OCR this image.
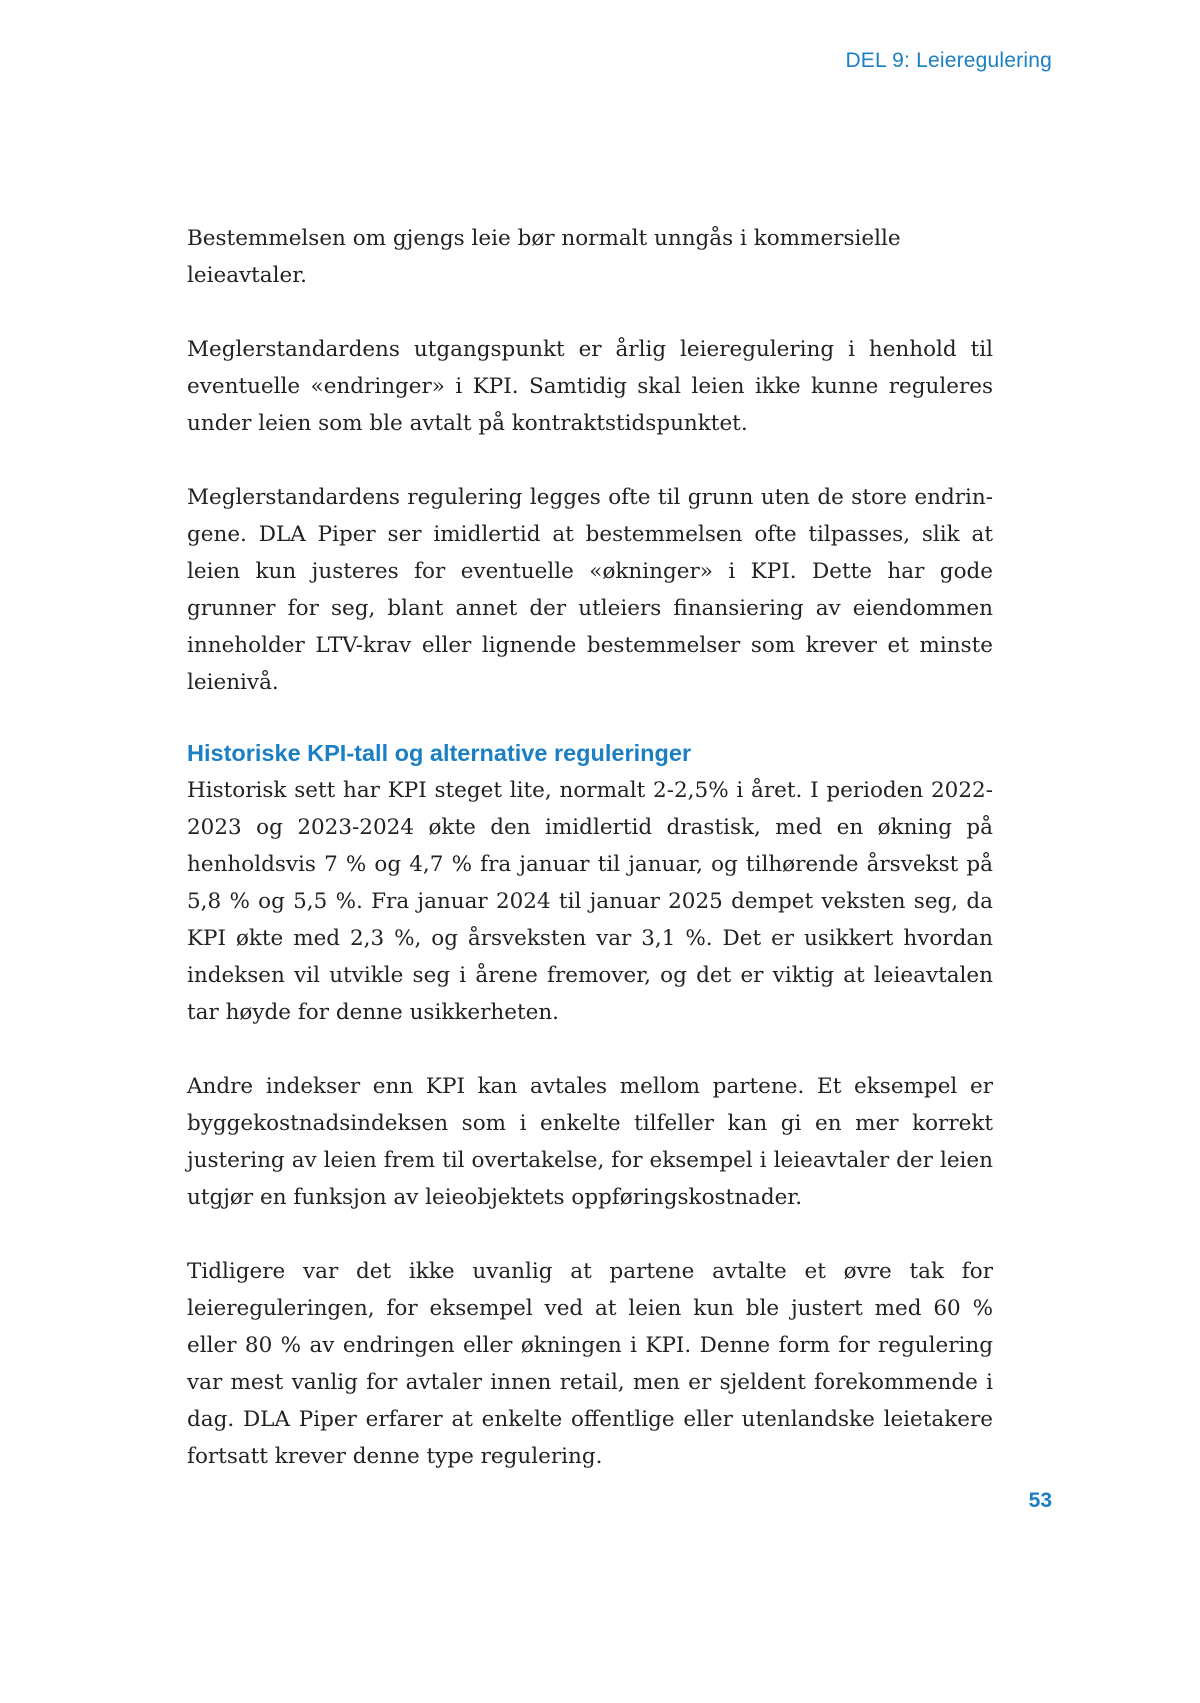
DEL 9: Leieregulering

Bestemmelsen om gjengs leie bør normalt unngås i kommersielle leieavtaler.

Meglerstandardens utgangspunkt er årlig leieregulering i henhold til eventuelle «endringer» i KPI. Samtidig skal leien ikke kunne reguleres under leien som ble avtalt på kontraktstidspunktet.

Meglerstandardens regulering legges ofte til grunn uten de store endringene. DLA Piper ser imidlertid at bestemmelsen ofte tilpasses, slik at leien kun justeres for eventuelle «økninger» i KPI. Dette har gode grunner for seg, blant annet der utleiers finansiering av eiendommen inneholder LTV-krav eller lignende bestemmelser som krever et minste leienivå.

Historiske KPI-tall og alternative reguleringer

Historisk sett har KPI steget lite, normalt 2-2,5% i året. I perioden 2022-2023 og 2023-2024 økte den imidlertid drastisk, med en økning på henholdsvis 7 % og 4,7 % fra januar til januar, og tilhørende årsvekst på 5,8 % og 5,5 %. Fra januar 2024 til januar 2025 dempet veksten seg, da KPI økte med 2,3 %, og årsveksten var 3,1 %. Det er usikkert hvordan indeksen vil utvikle seg i årene fremover, og det er viktig at leieavtalen tar høyde for denne usikkerheten.

Andre indekser enn KPI kan avtales mellom partene. Et eksempel er byggekostnadsindeksen som i enkelte tilfeller kan gi en mer korrekt justering av leien frem til overtakelse, for eksempel i leieavtaler der leien utgjør en funksjon av leieobjektets oppføringskostnader.

Tidligere var det ikke uvanlig at partene avtalte et øvre tak for leiereguleringen, for eksempel ved at leien kun ble justert med 60 % eller 80 % av endringen eller økningen i KPI. Denne form for regulering var mest vanlig for avtaler innen retail, men er sjeldent forekommende i dag. DLA Piper erfarer at enkelte offentlige eller utenlandske leietakere fortsatt krever denne type regulering.

53
